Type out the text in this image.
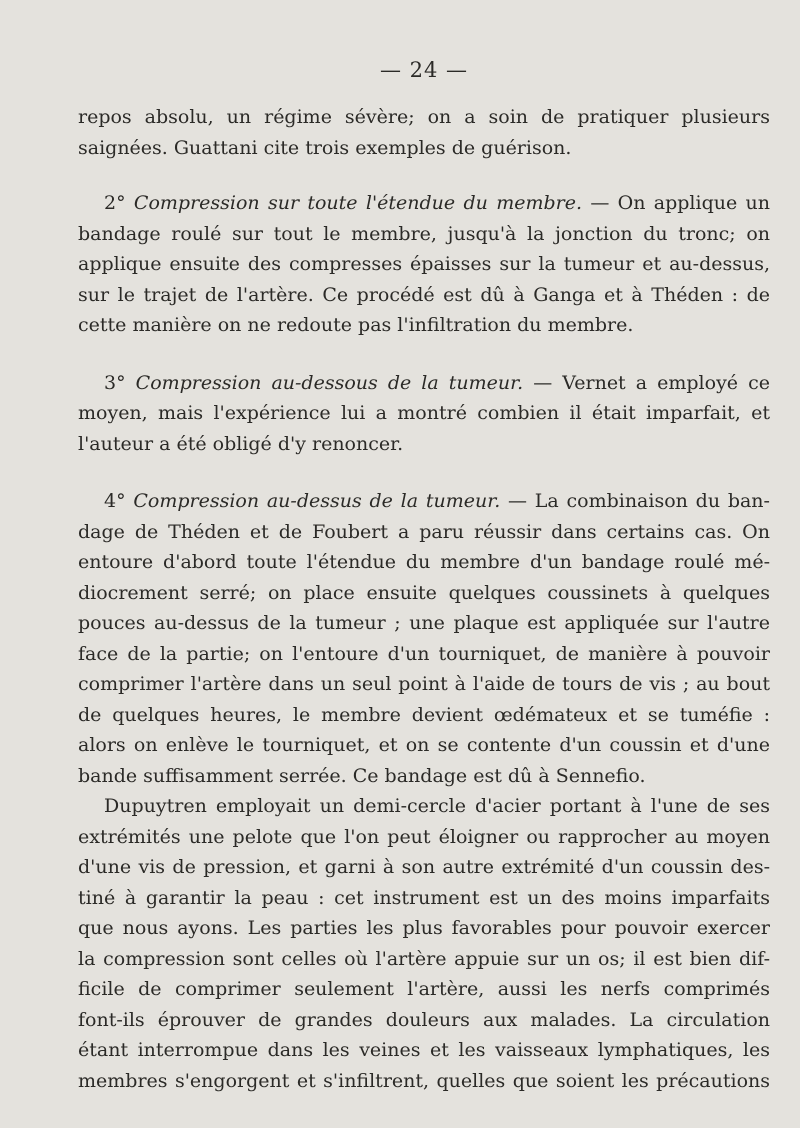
— 24 —
repos absolu, un régime sévère; on a soin de pratiquer plusieurs
saignées. Guattani cite trois exemples de guérison.
2° Compression sur toute l'étendue du membre. — On applique un
bandage roulé sur tout le membre, jusqu'à la jonction du tronc; on
applique ensuite des compresses épaisses sur la tumeur et au-dessus,
sur le trajet de l'artère. Ce procédé est dû à Ganga et à Théden : de
cette manière on ne redoute pas l'infiltration du membre.
3° Compression au-dessous de la tumeur. — Vernet a employé ce
moyen, mais l'expérience lui a montré combien il était imparfait, et
l'auteur a été obligé d'y renoncer.
4° Compression au-dessus de la tumeur. — La combinaison du ban-
dage de Théden et de Foubert a paru réussir dans certains cas. On
entoure d'abord toute l'étendue du membre d'un bandage roulé mé-
diocrement serré; on place ensuite quelques coussinets à quelques
pouces au-dessus de la tumeur ; une plaque est appliquée sur l'autre
face de la partie; on l'entoure d'un tourniquet, de manière à pouvoir
comprimer l'artère dans un seul point à l'aide de tours de vis ; au bout
de quelques heures, le membre devient œdémateux et se tuméfie :
alors on enlève le tourniquet, et on se contente d'un coussin et d'une
bande suffisamment serrée. Ce bandage est dû à Sennefio.
Dupuytren employait un demi-cercle d'acier portant à l'une de ses
extrémités une pelote que l'on peut éloigner ou rapprocher au moyen
d'une vis de pression, et garni à son autre extrémité d'un coussin des-
tiné à garantir la peau : cet instrument est un des moins imparfaits
que nous ayons. Les parties les plus favorables pour pouvoir exercer
la compression sont celles où l'artère appuie sur un os; il est bien dif-
ficile de comprimer seulement l'artère, aussi les nerfs comprimés
font-ils éprouver de grandes douleurs aux malades. La circulation
étant interrompue dans les veines et les vaisseaux lymphatiques, les
membres s'engorgent et s'infiltrent, quelles que soient les précautions
